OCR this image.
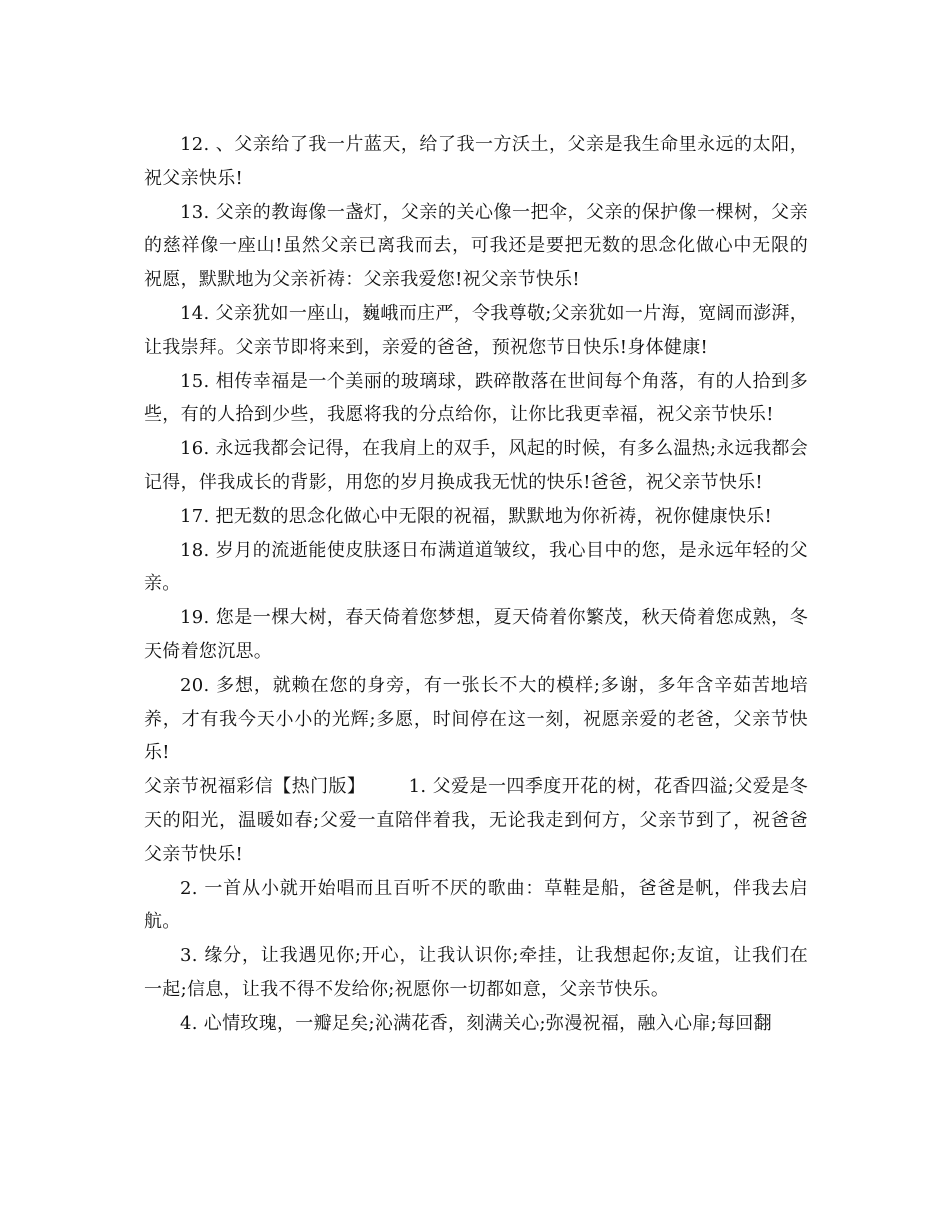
12. 、父亲给了我一片蓝天，给了我一方沃土，父亲是我生命里永远的太阳，祝父亲快乐!

13. 父亲的教诲像一盏灯，父亲的关心像一把伞，父亲的保护像一棵树，父亲的慈祥像一座山!虽然父亲已离我而去，可我还是要把无数的思念化做心中无限的祝愿，默默地为父亲祈祷：父亲我爱您!祝父亲节快乐!

14. 父亲犹如一座山，巍峨而庄严，令我尊敬;父亲犹如一片海，宽阔而澎湃，让我崇拜。父亲节即将来到，亲爱的爸爸，预祝您节日快乐!身体健康!

15. 相传幸福是一个美丽的玻璃球，跌碎散落在世间每个角落，有的人拾到多些，有的人拾到少些，我愿将我的分点给你，让你比我更幸福，祝父亲节快乐!

16. 永远我都会记得，在我肩上的双手，风起的时候，有多么温热;永远我都会记得，伴我成长的背影，用您的岁月换成我无忧的快乐!爸爸，祝父亲节快乐!

17. 把无数的思念化做心中无限的祝福，默默地为你祈祷，祝你健康快乐!

18. 岁月的流逝能使皮肤逐日布满道道皱纹，我心目中的您，是永远年轻的父亲。

19. 您是一棵大树，春天倚着您梦想，夏天倚着你繁茂，秋天倚着您成熟，冬天倚着您沉思。

20. 多想，就赖在您的身旁，有一张长不大的模样;多谢，多年含辛茹苦地培养，才有我今天小小的光辉;多愿，时间停在这一刻，祝愿亲爱的老爸，父亲节快乐!

父亲节祝福彩信【热门版】 1. 父爱是一四季度开花的树，花香四溢;父爱是冬天的阳光，温暖如春;父爱一直陪伴着我，无论我走到何方，父亲节到了，祝爸爸父亲节快乐!

2. 一首从小就开始唱而且百听不厌的歌曲：草鞋是船，爸爸是帆，伴我去启航。

3. 缘分，让我遇见你;开心，让我认识你;牵挂，让我想起你;友谊，让我们在一起;信息，让我不得不发给你;祝愿你一切都如意，父亲节快乐。

4. 心情玫瑰，一瓣足矣;沁满花香，刻满关心;弥漫祝福，融入心扉;每回翻
